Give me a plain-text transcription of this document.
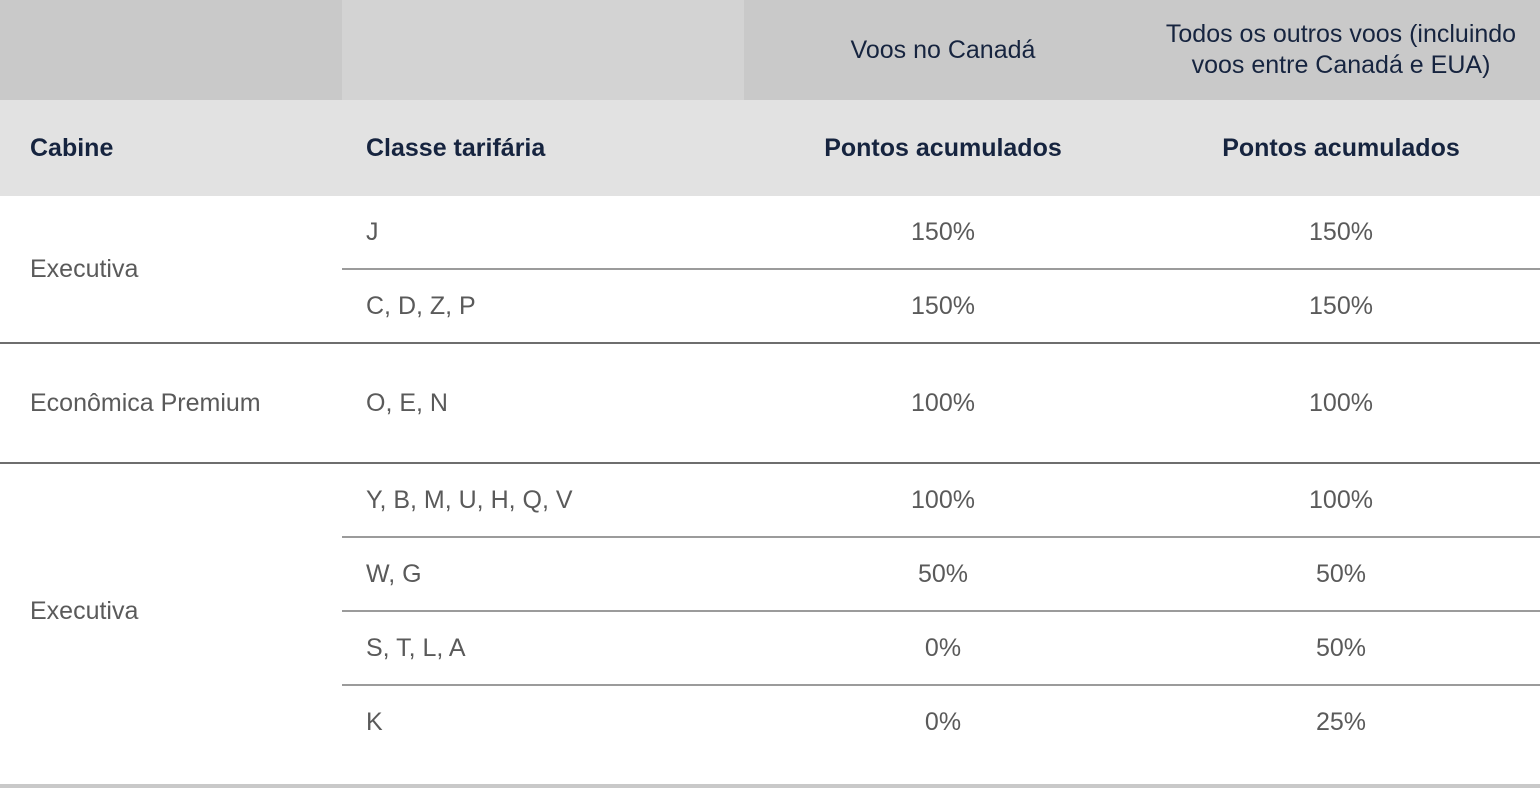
		Voos no Canadá	Todos os outros voos (incluindo voos entre Canadá e EUA)
Cabine	Classe tarifária	Pontos acumulados	Pontos acumulados
Executiva	J	150%	150%
	C, D, Z, P	150%	150%
Econômica Premium	O, E, N	100%	100%
Executiva	Y, B, M, U, H, Q, V	100%	100%
	W, G	50%	50%
	S, T, L, A	0%	50%
	K	0%	25%
